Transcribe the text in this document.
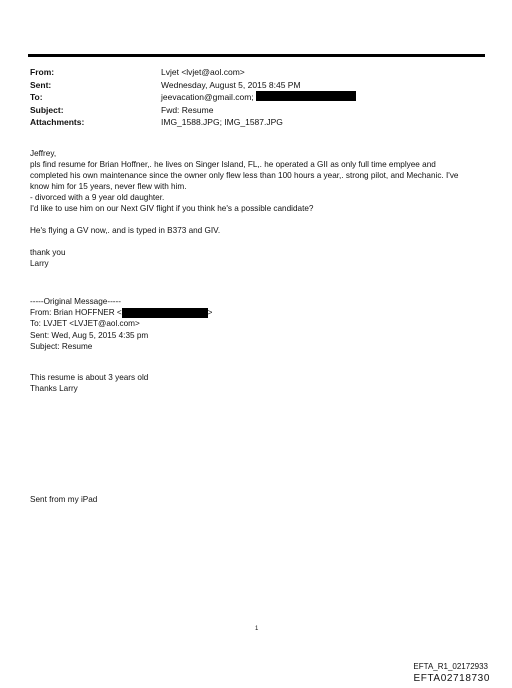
From:	Lvjet <lvjet@aol.com>
Sent:	Wednesday, August 5, 2015 8:45 PM
To:	jeevacation@gmail.com;
Subject:	Fwd: Resume
Attachments:	IMG_1588.JPG; IMG_1587.JPG

Jeffrey,

pls find resume for Brian Hoffner,. he lives on Singer Island, FL,. he operated a GII as only full time emplyee and

completed his own maintenance since the owner only flew less than 100 hours a year,. strong pilot, and Mechanic. I've

know him for 15 years, never flew with him.

- divorced with a 9 year old daughter.

I'd like to use him on our Next GIV flight if you think he's a possible candidate?

He's flying a GV now,. and is typed in B373 and GIV.

thank you

Larry

-----Original Message-----
From: Brian HOFFNER <	>
To: LVJET <LVJET@aol.com>
Sent: Wed, Aug 5, 2015 4:35 pm
Subject: Resume
This resume is about 3 years old
Thanks Larry
Sent from my iPad
1
EFTA_R1_02172933
EFTA02718730
